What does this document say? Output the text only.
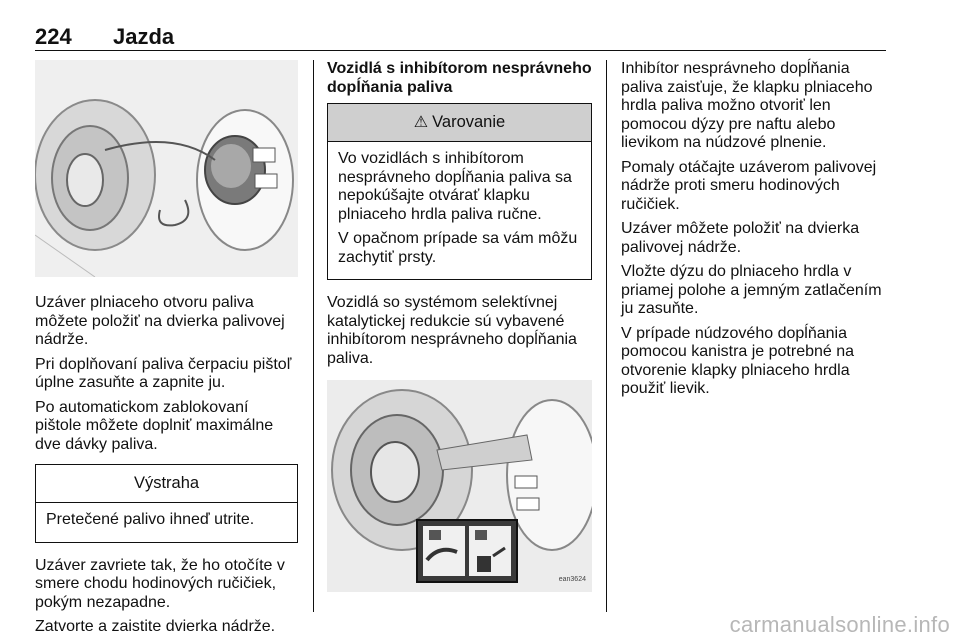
224 Jazda

Uzáver plniaceho otvoru paliva môžete položiť na dvierka palivovej nádrže.

Pri doplňovaní paliva čerpaciu pištoľ úplne zasuňte a zapnite ju.

Po automatickom zablokovaní pištole môžete doplniť maximálne dve dávky paliva.

Výstraha

Pretečené palivo ihneď utrite.

Uzáver zavriete tak, že ho otočíte v smere chodu hodinových ručičiek, pokým nezapadne.

Zatvorte a zaistite dvierka nádrže.

Vozidlá s inhibítorom nesprávneho dopĺňania paliva

⚠ Varovanie

Vo vozidlách s inhibítorom nesprávneho dopĺňania paliva sa nepokúšajte otvárať klapku plniaceho hrdla paliva ručne.

V opačnom prípade sa vám môžu zachytiť prsty.

Vozidlá so systémom selektívnej katalytickej redukcie sú vybavené inhibítorom nesprávneho dopĺňania paliva.

ean3624

Inhibítor nesprávneho dopĺňania paliva zaisťuje, že klapku plniaceho hrdla paliva možno otvoriť len pomocou dýzy pre naftu alebo lievikom na núdzové plnenie.

Pomaly otáčajte uzáverom palivovej nádrže proti smeru hodinových ručičiek.

Uzáver môžete položiť na dvierka palivovej nádrže.

Vložte dýzu do plniaceho hrdla v priamej polohe a jemným zatlačením ju zasuňte.

V prípade núdzového dopĺňania pomocou kanistra je potrebné na otvorenie klapky plniaceho hrdla použiť lievik.

carmanualsonline.info
